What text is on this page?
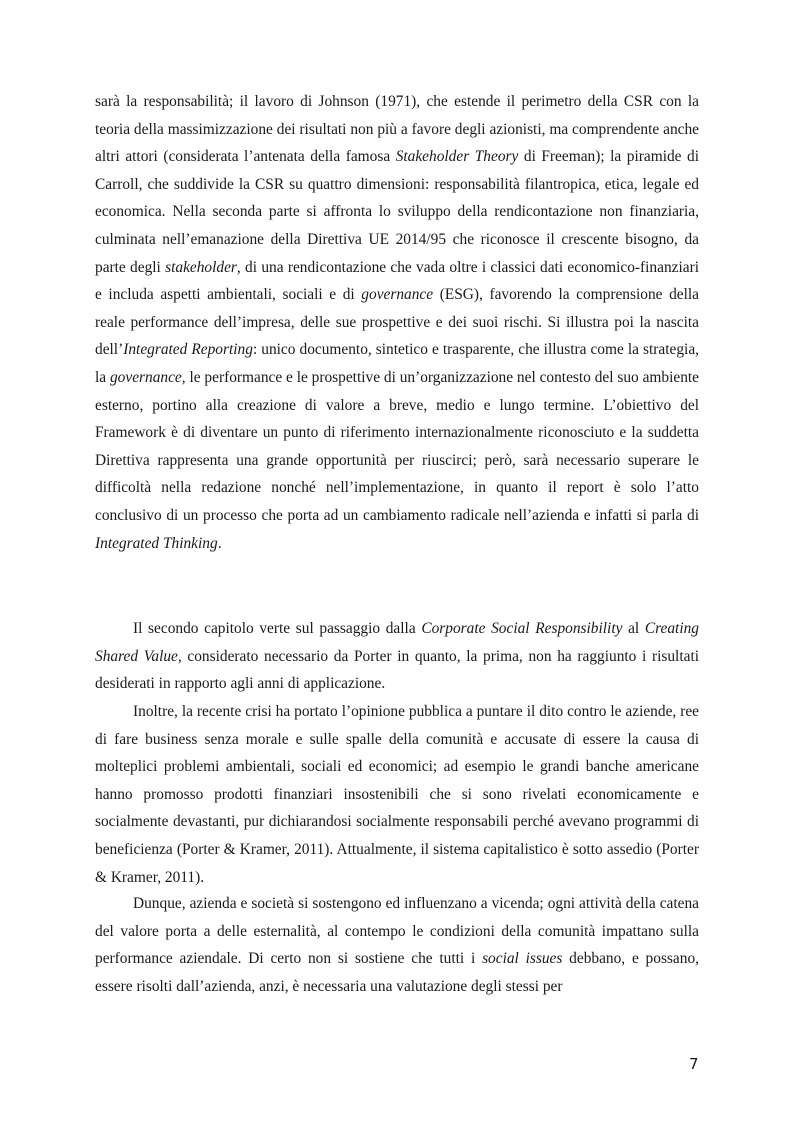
sarà la responsabilità; il lavoro di Johnson (1971), che estende il perimetro della CSR con la teoria della massimizzazione dei risultati non più a favore degli azionisti, ma comprendente anche altri attori (considerata l’antenata della famosa Stakeholder Theory di Freeman); la piramide di Carroll, che suddivide la CSR su quattro dimensioni: responsabilità filantropica, etica, legale ed economica. Nella seconda parte si affronta lo sviluppo della rendicontazione non finanziaria, culminata nell’emanazione della Direttiva UE 2014/95 che riconosce il crescente bisogno, da parte degli stakeholder, di una rendicontazione che vada oltre i classici dati economico-finanziari e includa aspetti ambientali, sociali e di governance (ESG), favorendo la comprensione della reale performance dell’impresa, delle sue prospettive e dei suoi rischi. Si illustra poi la nascita dell’Integrated Reporting: unico documento, sintetico e trasparente, che illustra come la strategia, la governance, le performance e le prospettive di un’organizzazione nel contesto del suo ambiente esterno, portino alla creazione di valore a breve, medio e lungo termine. L’obiettivo del Framework è di diventare un punto di riferimento internazionalmente riconosciuto e la suddetta Direttiva rappresenta una grande opportunità per riuscirci; però, sarà necessario superare le difficoltà nella redazione nonché nell’implementazione, in quanto il report è solo l’atto conclusivo di un processo che porta ad un cambiamento radicale nell’azienda e infatti si parla di Integrated Thinking.

Il secondo capitolo verte sul passaggio dalla Corporate Social Responsibility al Creating Shared Value, considerato necessario da Porter in quanto, la prima, non ha raggiunto i risultati desiderati in rapporto agli anni di applicazione.

Inoltre, la recente crisi ha portato l’opinione pubblica a puntare il dito contro le aziende, ree di fare business senza morale e sulle spalle della comunità e accusate di essere la causa di molteplici problemi ambientali, sociali ed economici; ad esempio le grandi banche americane hanno promosso prodotti finanziari insostenibili che si sono rivelati economicamente e socialmente devastanti, pur dichiarandosi socialmente responsabili perché avevano programmi di beneficienza (Porter & Kramer, 2011). Attualmente, il sistema capitalistico è sotto assedio (Porter & Kramer, 2011).

Dunque, azienda e società si sostengono ed influenzano a vicenda; ogni attività della catena del valore porta a delle esternalità, al contempo le condizioni della comunità impattano sulla performance aziendale. Di certo non si sostiene che tutti i social issues debbano, e possano, essere risolti dall’azienda, anzi, è necessaria una valutazione degli stessi per

7
